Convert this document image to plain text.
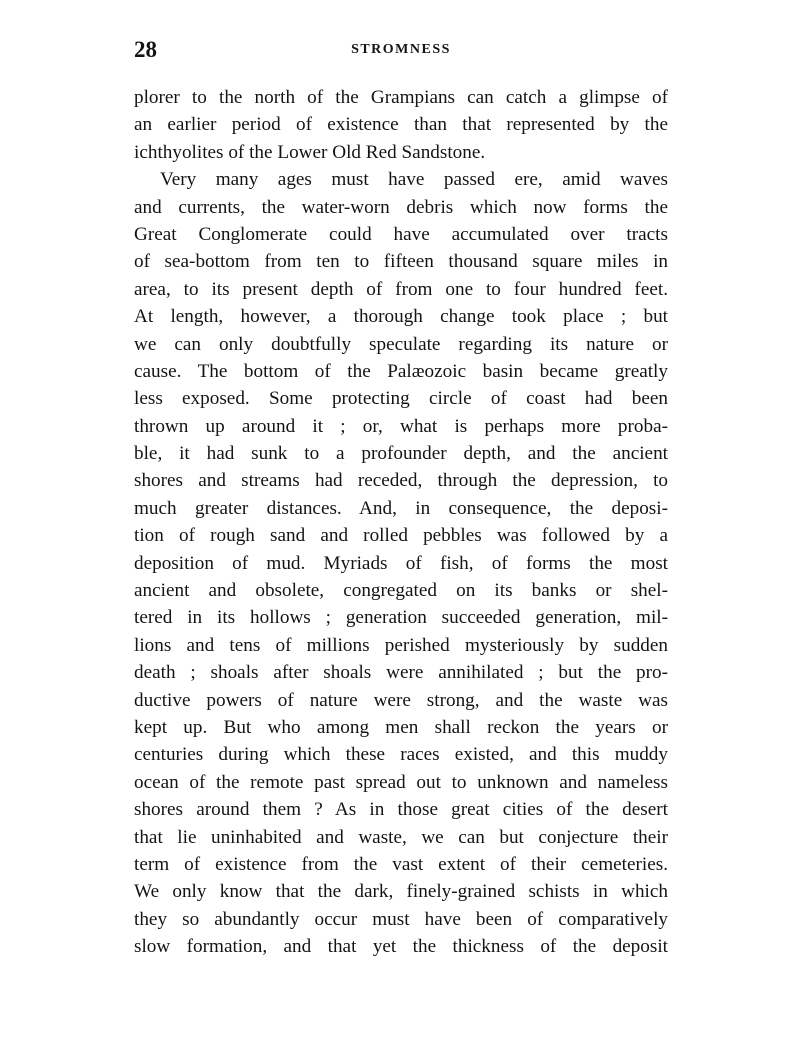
28	STROMNESS
plorer to the north of the Grampians can catch a glimpse of
an earlier period of existence than that represented by the
ichthyolites of the Lower Old Red Sandstone.
Very many ages must have passed ere, amid waves
and currents, the water-worn debris which now forms the
Great Conglomerate could have accumulated over tracts
of sea-bottom from ten to fifteen thousand square miles in
area, to its present depth of from one to four hundred feet.
At length, however, a thorough change took place ; but
we can only doubtfully speculate regarding its nature or
cause. The bottom of the Palæozoic basin became greatly
less exposed. Some protecting circle of coast had been
thrown up around it ; or, what is perhaps more proba-
ble, it had sunk to a profounder depth, and the ancient
shores and streams had receded, through the depression, to
much greater distances. And, in consequence, the deposi-
tion of rough sand and rolled pebbles was followed by a
deposition of mud. Myriads of fish, of forms the most
ancient and obsolete, congregated on its banks or shel-
tered in its hollows ; generation succeeded generation, mil-
lions and tens of millions perished mysteriously by sudden
death ; shoals after shoals were annihilated ; but the pro-
ductive powers of nature were strong, and the waste was
kept up. But who among men shall reckon the years or
centuries during which these races existed, and this muddy
ocean of the remote past spread out to unknown and nameless
shores around them ? As in those great cities of the desert
that lie uninhabited and waste, we can but conjecture their
term of existence from the vast extent of their cemeteries.
We only know that the dark, finely-grained schists in which
they so abundantly occur must have been of comparatively
slow formation, and that yet the thickness of the deposit
